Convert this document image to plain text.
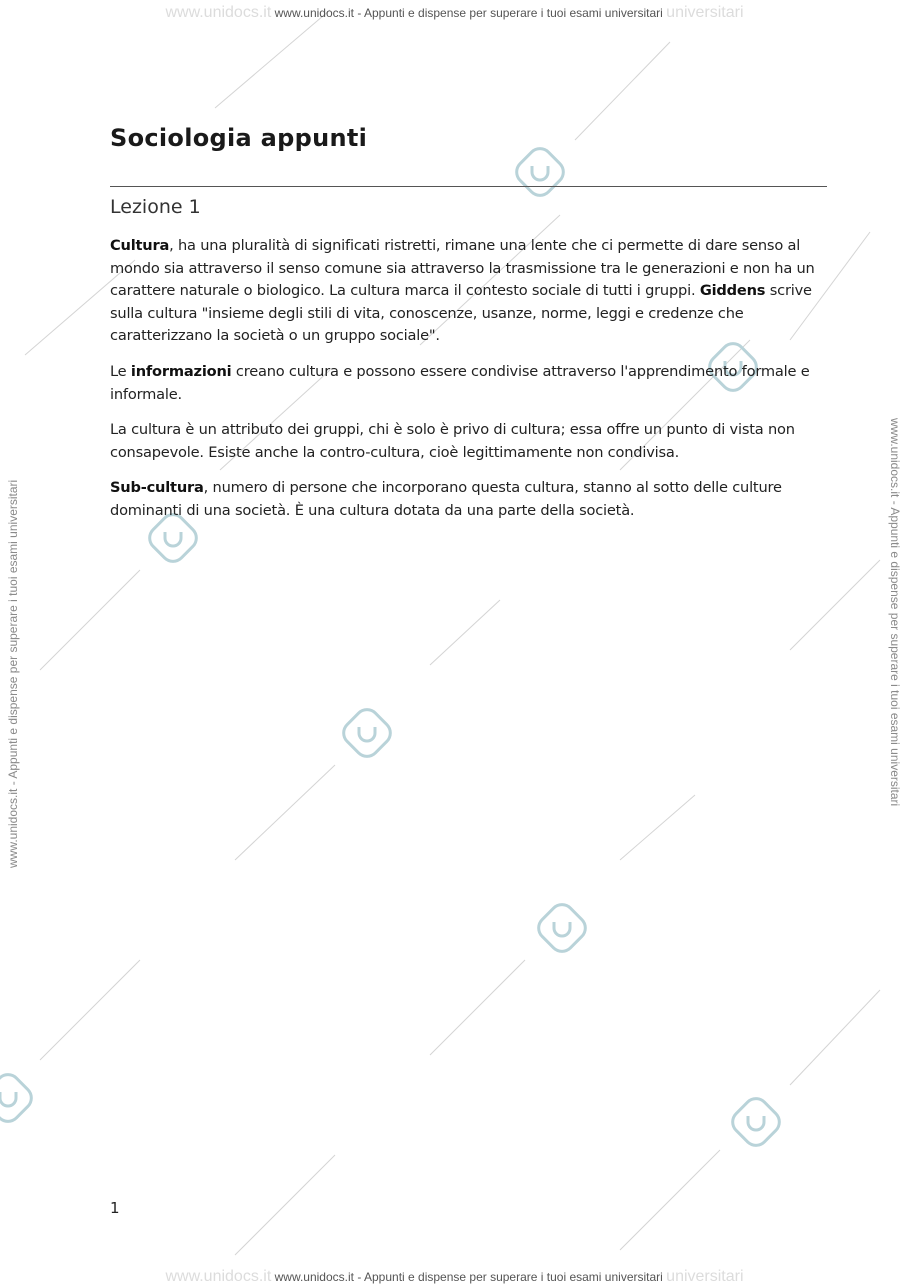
www.unidocs.it www.unidocs.it - Appunti e dispense per superare i tuoi esami universitari universitari
www.unidocs.it - Appunti e dispense per superare i tuoi esami universitari	www.unidocs.it - Appunti e dispense per superare i tuoi esami universitari
Sociologia appunti
Lezione 1

Cultura, ha una pluralità di significati ristretti, rimane una lente che ci permette di dare senso al mondo sia attraverso il senso comune sia attraverso la trasmissione tra le generazioni e non ha un carattere naturale o biologico. La cultura marca il contesto sociale di tutti i gruppi. Giddens scrive sulla cultura "insieme degli stili di vita, conoscenze, usanze, norme, leggi e credenze che caratterizzano la società o un gruppo sociale".

Le informazioni creano cultura e possono essere condivise attraverso l'apprendimento formale e informale.

La cultura è un attributo dei gruppi, chi è solo è privo di cultura; essa offre un punto di vista non consapevole. Esiste anche la contro-cultura, cioè legittimamente non condivisa.

Sub-cultura, numero di persone che incorporano questa cultura, stanno al sotto delle culture dominanti di una società. È una cultura dotata da una parte della società.

1
www.unidocs.it www.unidocs.it - Appunti e dispense per superare i tuoi esami universitari universitari
